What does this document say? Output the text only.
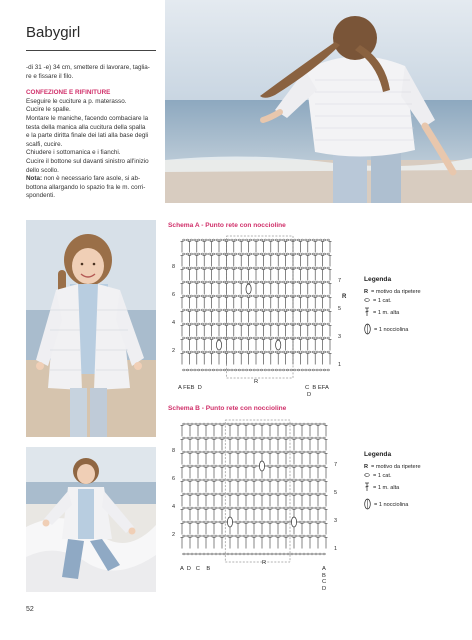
Babygirl
-di 31 -e) 34 cm, smettere di lavorare, taglia-
re e fissare il filo.
CONFEZIONE E RIFINITURE
Eseguire le cuciture a p. materasso.
Cucire le spalle.
Montare le maniche, facendo combaciare la
testa della manica alla cucitura della spalla
e la parte diritta finale dei lati alla base degli
scalfi, cucire.
Chiudere i sottomanica e i fianchi.
Cucire il bottone sul davanti sinistro all'inizio
dello scollo.
Nota: non è necessario fare asole, si ab-
bottona allargando lo spazio fra le m. corri-
spondenti.
Schema A - Punto rete con noccioline
8
6
4
2
7
5
3
1
R
A FEB  D
R
C  B EFA
D
Legenda
R = motivo da ripetere
= 1 cat.
= 1 m. alta
= 1 nocciolina
Schema B - Punto rete con noccioline
8
6
4
2
7
5
3
1
A  D   C    B
R
A
B
C
D
Legenda
R = motivo da ripetere
= 1 cat.
= 1 m. alta
= 1 nocciolina
52
